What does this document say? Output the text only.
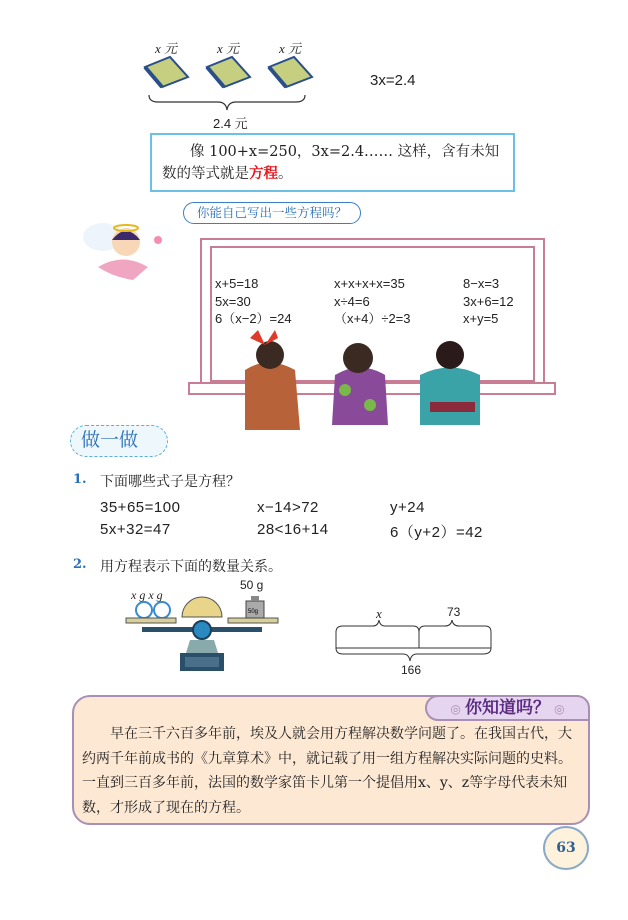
x 元	x 元	x 元
2.4 元
3x=2.4
像 100+x=250，3x=2.4…… 这样，含有未知数的等式就是方程。
你能自己写出一些方程吗？
x+5=18
5x=30
6（x−2）=24
x+x+x+x=35
x÷4=6
（x+4）÷2=3
8−x=3
3x+6=12
x+y=5
做一做
1. 下面哪些式子是方程？
35+65=100	x−14>72	y+24
5x+32=47	28<16+14	6（y+2）=42
2. 用方程表示下面的数量关系。
x g x g
50 g
50g	x	73
166
◎ 你知道吗？ ◎
早在三千六百多年前，埃及人就会用方程解决数学问题了。在我国古代，大约两千年前成书的《九章算术》中，就记载了用一组方程解决实际问题的史料。一直到三百多年前，法国的数学家笛卡儿第一个提倡用x、y、z等字母代表未知数，才形成了现在的方程。
63
